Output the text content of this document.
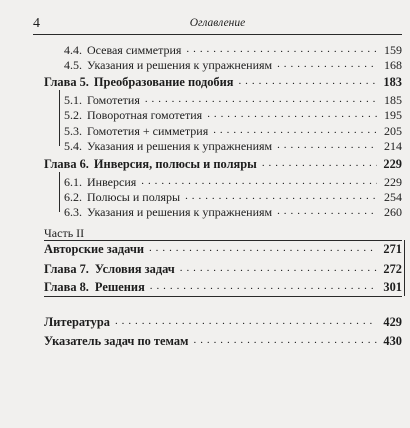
4	Оглавление
4.4. Осевая симметрия . . .	159
4.5. Указания и решения к упражнениям . . .	168
Глава 5. Преобразование подобия . . .	183
5.1. Гомотетия . . .	185
5.2. Поворотная гомотетия . . .	195
5.3. Гомотетия + симметрия . . .	205
5.4. Указания и решения к упражнениям . . .	214
Глава 6. Инверсия, полюсы и поляры . . .	229
6.1. Инверсия . . .	229
6.2. Полюсы и поляры . . .	254
6.3. Указания и решения к упражнениям . . .	260
Часть II
Авторские задачи . . .	271
Глава 7. Условия задач . . .	272
Глава 8. Решения . . .	301
Литература . . .	429
Указатель задач по темам . . .	430
